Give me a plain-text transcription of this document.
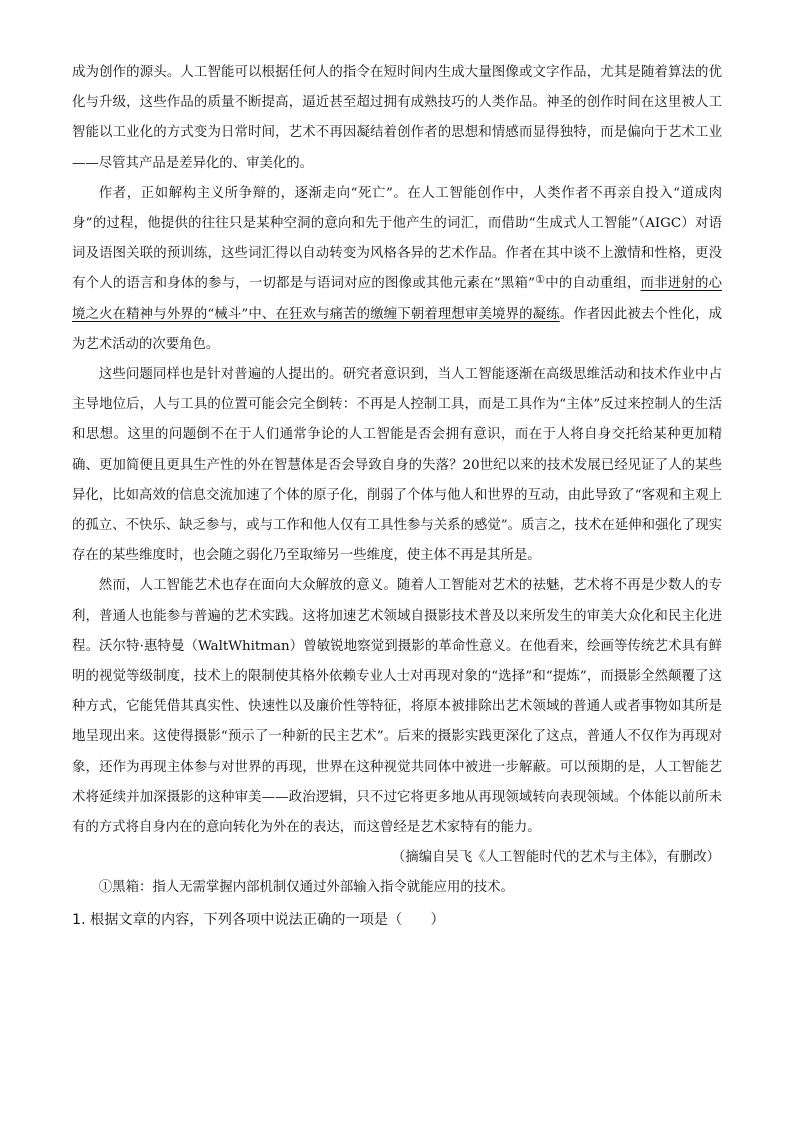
成为创作的源头。人工智能可以根据任何人的指令在短时间内生成大量图像或文字作品，尤其是随着算法的优化与升级，这些作品的质量不断提高，逼近甚至超过拥有成熟技巧的人类作品。神圣的创作时间在这里被人工智能以工业化的方式变为日常时间，艺术不再因凝结着创作者的思想和情感而显得独特，而是偏向于艺术工业——尽管其产品是差异化的、审美化的。

作者，正如解构主义所争辩的，逐渐走向“死亡”。在人工智能创作中，人类作者不再亲自投入“道成肉身”的过程，他提供的往往只是某种空洞的意向和先于他产生的词汇，而借助“生成式人工智能”（AIGC）对语词及语图关联的预训练，这些词汇得以自动转变为风格各异的艺术作品。作者在其中谈不上激情和性格，更没有个人的语言和身体的参与，一切都是与语词对应的图像或其他元素在“黑箱”①中的自动重组，而非迸射的心境之火在精神与外界的“械斗”中、在狂欢与痛苦的缴缠下朝着理想审美境界的凝练。作者因此被去个性化，成为艺术活动的次要角色。

这些问题同样也是针对普遍的人提出的。研究者意识到，当人工智能逐渐在高级思维活动和技术作业中占主导地位后，人与工具的位置可能会完全倒转：不再是人控制工具，而是工具作为“主体”反过来控制人的生活和思想。这里的问题倒不在于人们通常争论的人工智能是否会拥有意识，而在于人将自身交托给某种更加精确、更加简便且更具生产性的外在智慧体是否会导致自身的失落？20世纪以来的技术发展已经见证了人的某些异化，比如高效的信息交流加速了个体的原子化，削弱了个体与他人和世界的互动，由此导致了“客观和主观上的孤立、不快乐、缺乏参与，或与工作和他人仅有工具性参与关系的感觉”。质言之，技术在延伸和强化了现实存在的某些维度时，也会随之弱化乃至取缔另一些维度，使主体不再是其所是。

然而，人工智能艺术也存在面向大众解放的意义。随着人工智能对艺术的祛魅，艺术将不再是少数人的专利，普通人也能参与普遍的艺术实践。这将加速艺术领域自摄影技术普及以来所发生的审美大众化和民主化进程。沃尔特·惠特曼（WaltWhitman）曾敏锐地察觉到摄影的革命性意义。在他看来，绘画等传统艺术具有鲜明的视觉等级制度，技术上的限制使其格外依赖专业人士对再现对象的“选择”和“提炼”，而摄影全然颠覆了这种方式，它能凭借其真实性、快速性以及廉价性等特征，将原本被排除出艺术领域的普通人或者事物如其所是地呈现出来。这使得摄影“预示了一种新的民主艺术”。后来的摄影实践更深化了这点，普通人不仅作为再现对象，还作为再现主体参与对世界的再现，世界在这种视觉共同体中被进一步解蔽。可以预期的是，人工智能艺术将延续并加深摄影的这种审美——政治逻辑，只不过它将更多地从再现领域转向表现领域。个体能以前所未有的方式将自身内在的意向转化为外在的表达，而这曾经是艺术家特有的能力。

（摘编自吴飞《人工智能时代的艺术与主体》，有删改）

①黑箱：指人无需掌握内部机制仅通过外部输入指令就能应用的技术。

1. 根据文章的内容，下列各项中说法正确的一项是（　　）
